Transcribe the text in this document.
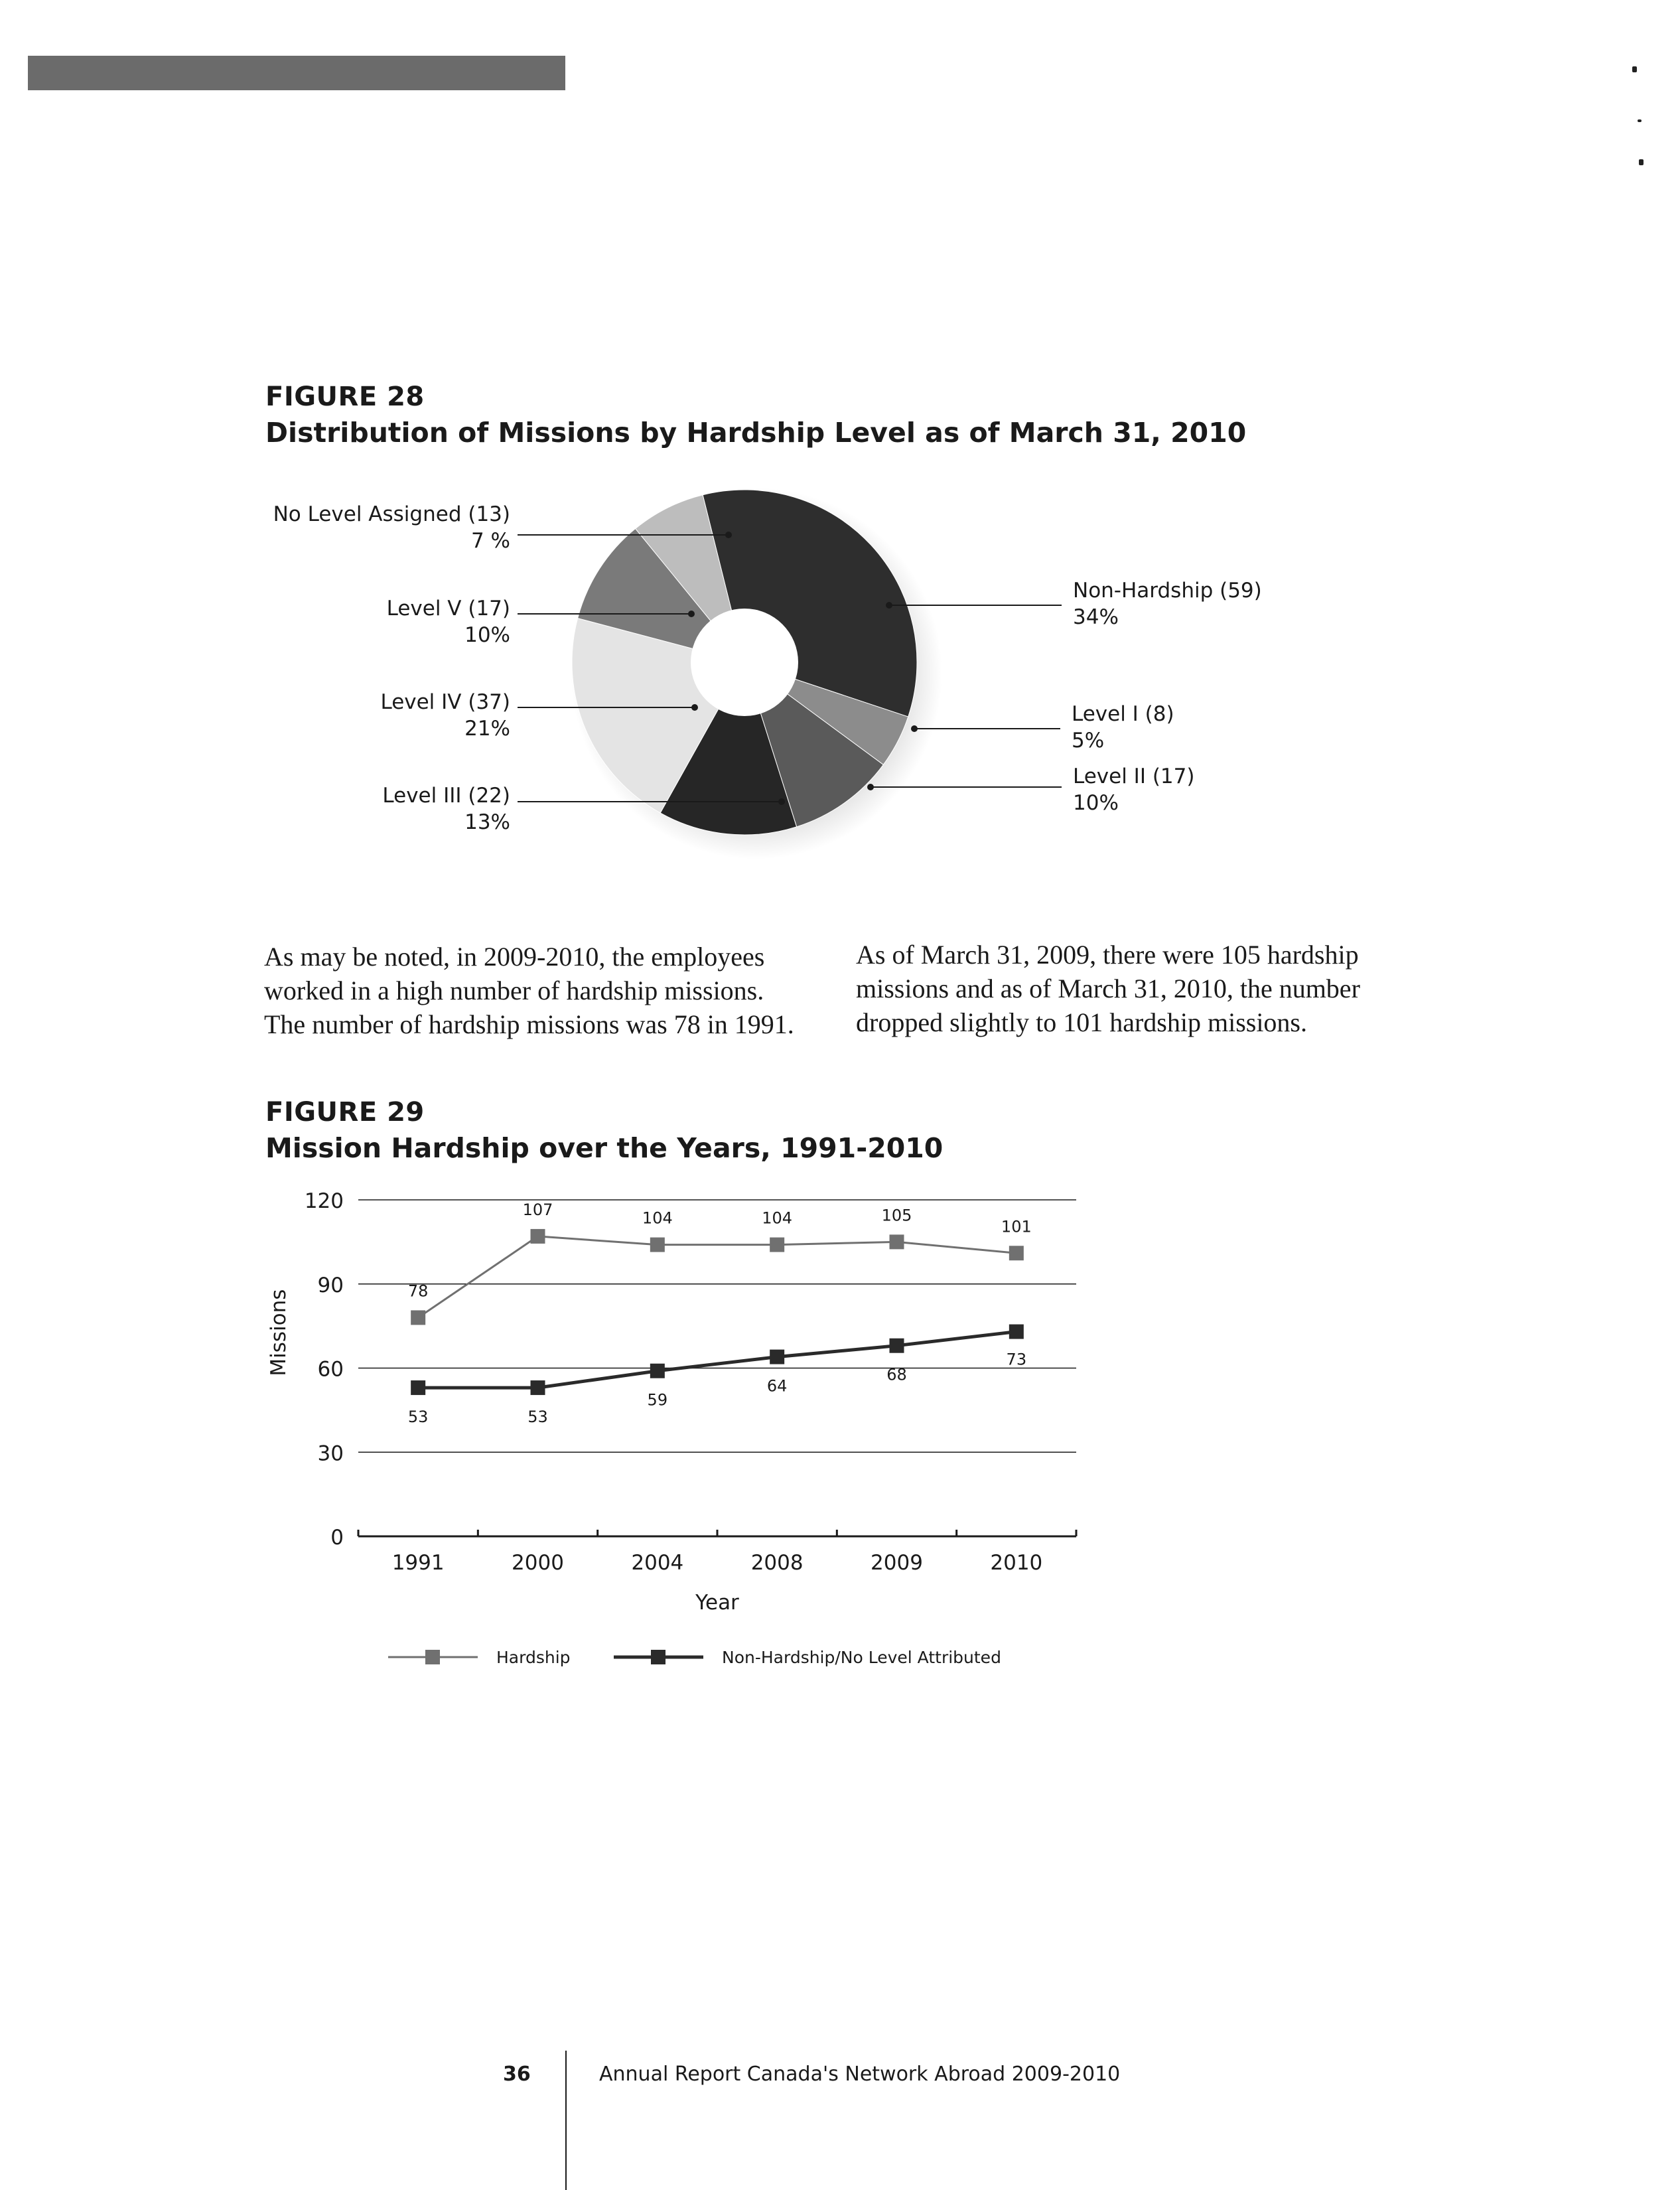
FIGURE 28
Distribution of Missions by Hardship Level as of March 31, 2010
No Level Assigned (13)
7 %
Level V (17)
10%
Level IV (37)
21%
Level III (22)
13%
Non-Hardship (59)
34%
Level I (8)
5%
Level II (17)
10%
As may be noted, in 2009-2010, the employees
worked in a high number of hardship missions.
The number of hardship missions was 78 in 1991.
As of March 31, 2009, there were 105 hardship
missions and as of March 31, 2010, the number
dropped slightly to 101 hardship missions.
FIGURE 29
Mission Hardship over the Years, 1991-2010
0
30
60
90
120
1991	2000	2004	2008	2009	2010
Year
Missions	78
107	104	104	105
101
53	53
59
64
68
73
Hardship	Non-Hardship/No Level Attributed
36	Annual Report Canada's Network Abroad 2009-2010
